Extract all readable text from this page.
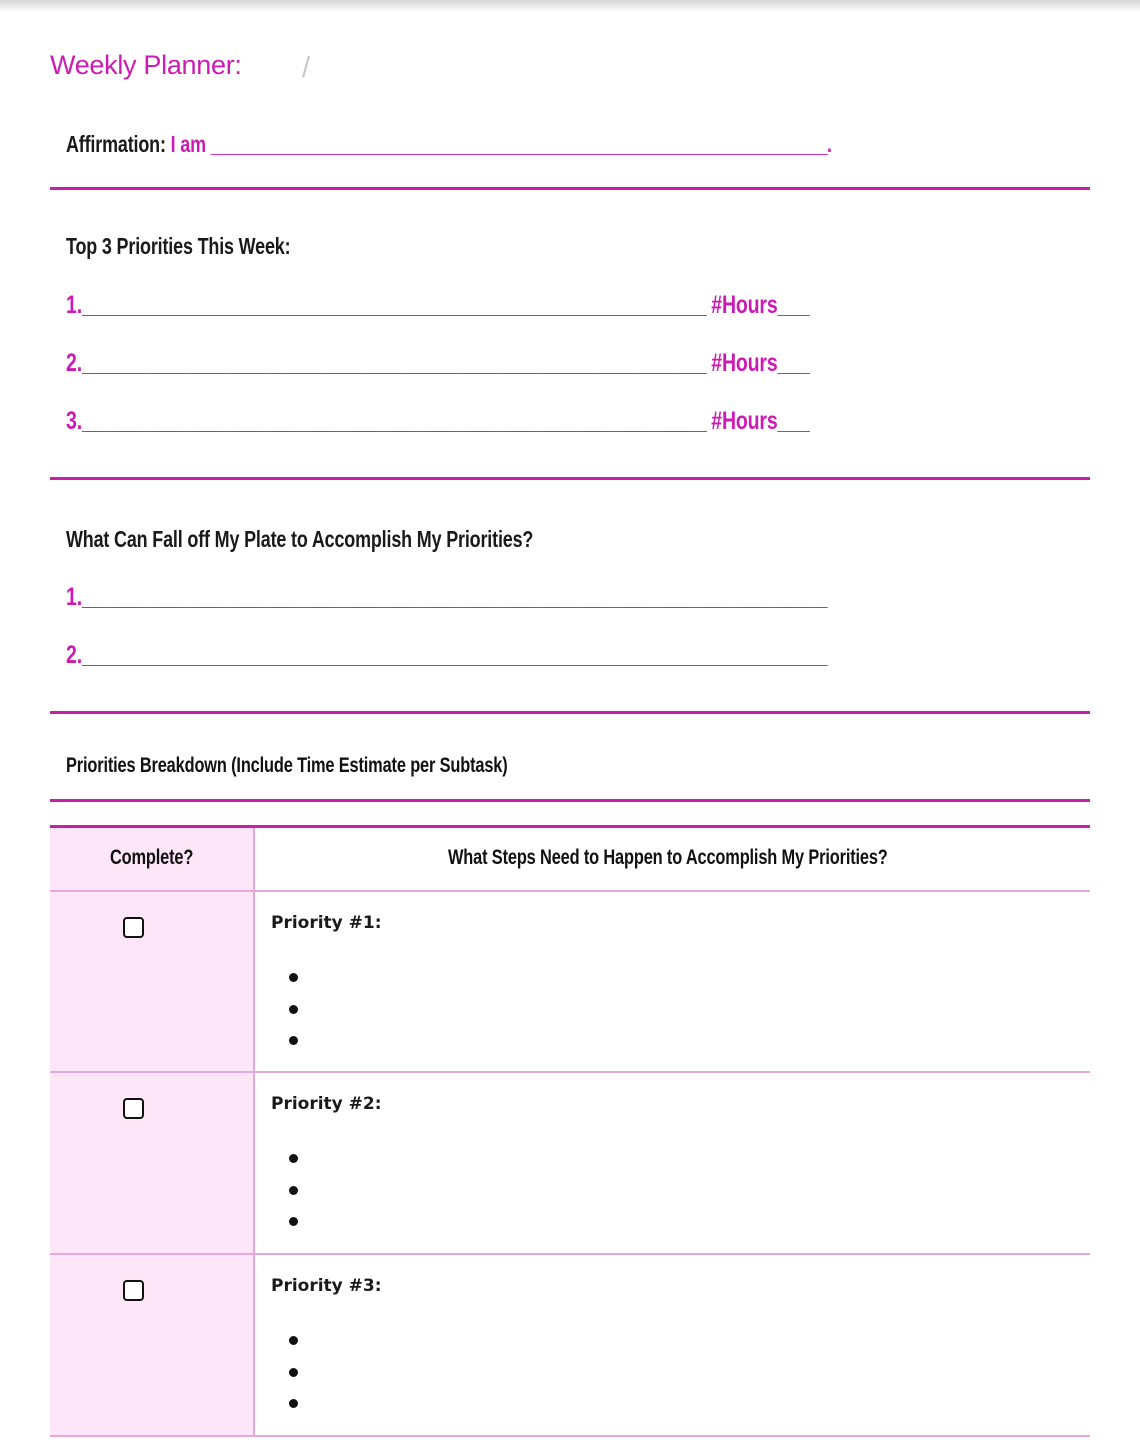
Weekly Planner: /
Affirmation: I am ___________________________________________________________________.
Top 3 Priorities This Week:
1.______________________________________________________________ #Hours___
2.______________________________________________________________ #Hours___
3.______________________________________________________________ #Hours___
What Can Fall off My Plate to Accomplish My Priorities?
1.__________________________________________________________________________
2.__________________________________________________________________________
Priorities Breakdown (Include Time Estimate per Subtask)
Complete?	What Steps Need to Happen to Accomplish My Priorities?
Priority #1:
Priority #2:
Priority #3:
